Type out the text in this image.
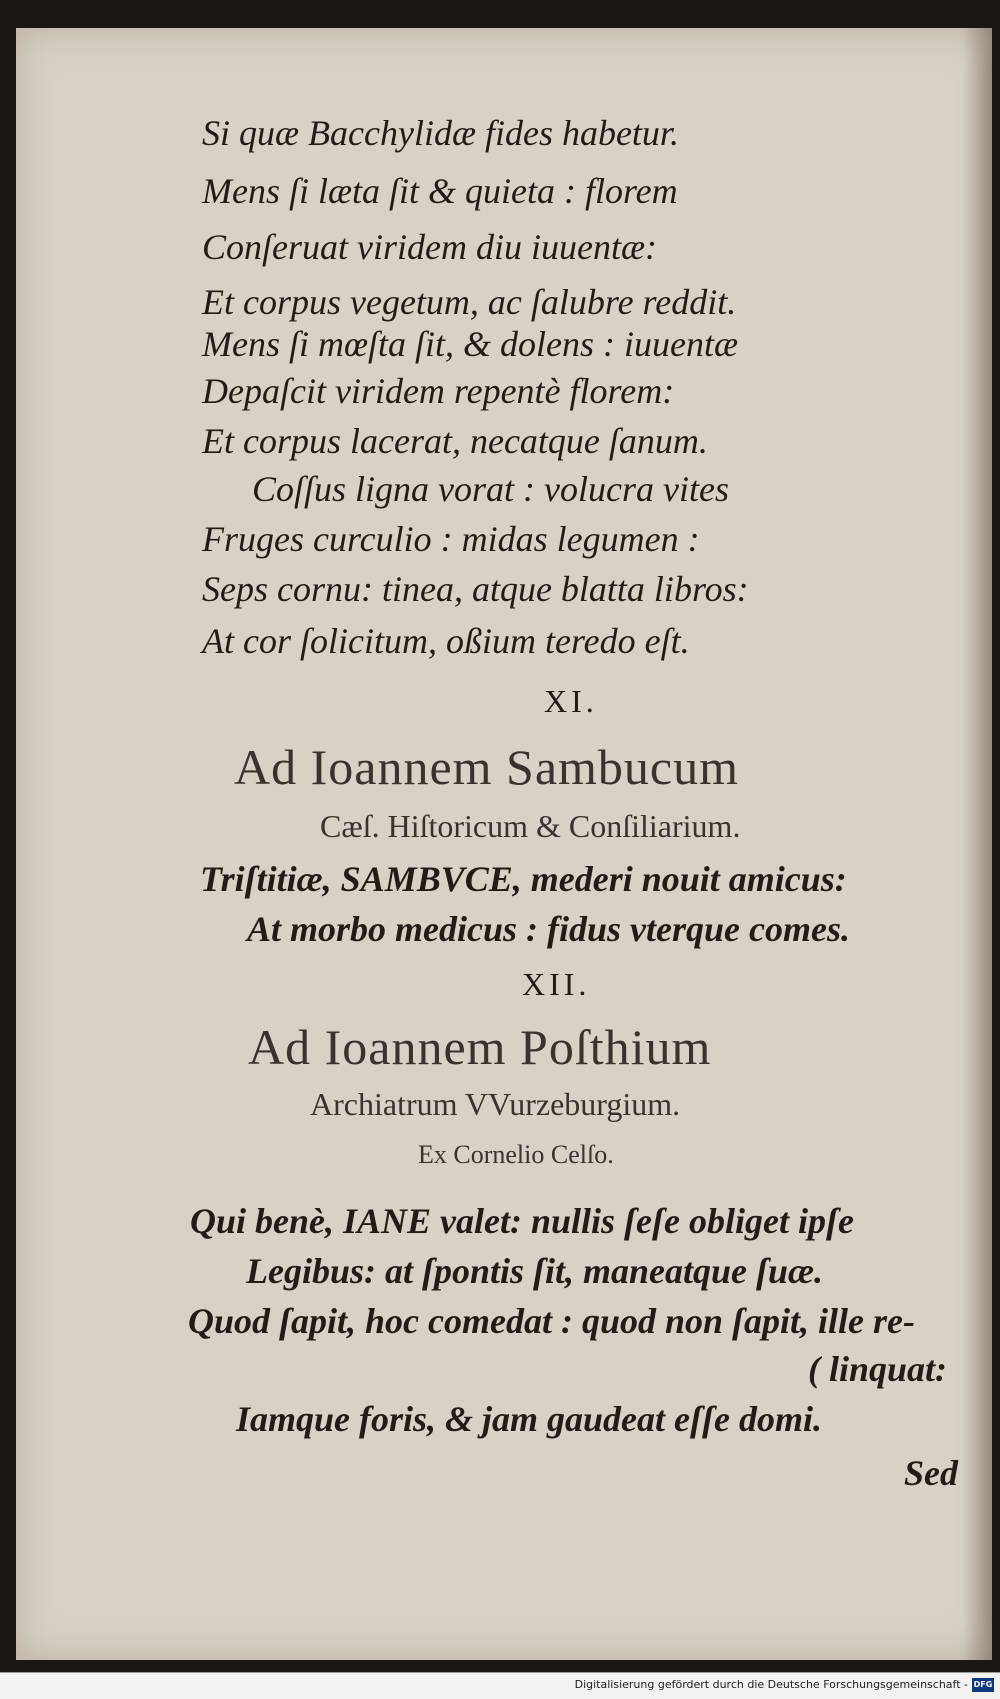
Si quæ Bacchylidæ fides habetur.
Mens ſi læta ſit & quieta : florem
Conſeruat viridem diu iuuentæ:
Et corpus vegetum, ac ſalubre reddit.
Mens ſi mœſta ſit, & dolens : iuuentæ
Depaſcit viridem repentè florem:
Et corpus lacerat, necatque ſanum.
Coſſus ligna vorat : volucra vites
Fruges curculio : midas legumen :
Seps cornu: tinea, atque blatta libros:
At cor ſolicitum, oßium teredo eſt.
XI.
Ad Ioannem Sambucum
Cæſ. Hiſtoricum & Conſiliarium.
Triſtitiæ, SAMBVCE, mederi nouit amicus:
At morbo medicus : fidus vterque comes.
XII.
Ad Ioannem Poſthium
Archiatrum VVurzeburgium.
Ex Cornelio Celſo.
Qui benè, IANE valet: nullis ſeſe obliget ipſe
Legibus: at ſpontis ſit, maneatque ſuæ.
Quod ſapit, hoc comedat : quod non ſapit, ille re-
( linquat:
Iamque foris, & jam gaudeat eſſe domi.
Sed
Digitalisierung gefördert durch die Deutsche Forschungsgemeinschaft - DFG
